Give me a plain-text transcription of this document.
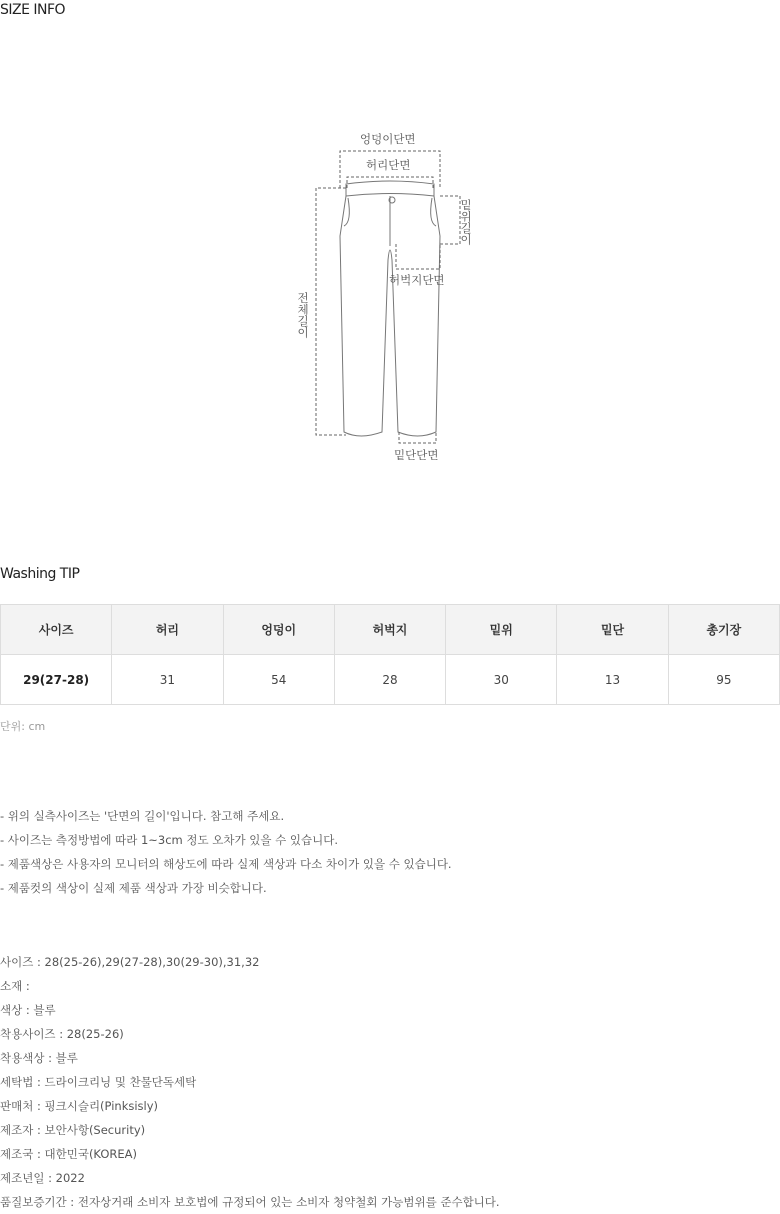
SIZE INFO
엉덩이단면
허리단면
허벅지단면
밑단단면
밑위길이
전체길이
Washing TIP
사이즈	허리	엉덩이	허벅지	밑위	밑단	총기장
29(27-28)	31	54	28	30	13	95
단위: cm
- 위의 실측사이즈는 '단면의 길이'입니다. 참고해 주세요.
- 사이즈는 측정방법에 따라 1~3cm 정도 오차가 있을 수 있습니다.
- 제품색상은 사용자의 모니터의 해상도에 따라 실제 색상과 다소 차이가 있을 수 있습니다.
- 제품컷의 색상이 실제 제품 색상과 가장 비슷합니다.
사이즈 : 28(25-26),29(27-28),30(29-30),31,32
소재 :
색상 : 블루
착용사이즈 : 28(25-26)
착용색상 : 블루
세탁법 : 드라이크리닝 및 찬물단독세탁
판매처 : 핑크시슬리(Pinksisly)
제조자 : 보안사항(Security)
제조국 : 대한민국(KOREA)
제조년일 : 2022
품질보증기간 : 전자상거래 소비자 보호법에 규정되어 있는 소비자 청약철회 가능범위를 준수합니다.
